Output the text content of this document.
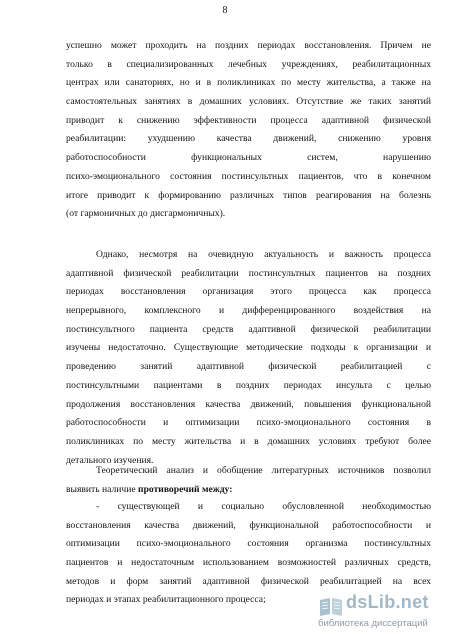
8
успешно может проходить на поздних периодах восстановления. Причем не
только в специализированных лечебных учреждениях, реабилитационных
центрах или санаториях, но и в поликлиниках по месту жительства, а также на
самостоятельных занятиях в домашних условиях. Отсутствие же таких занятий
приводит к снижению эффективности процесса адаптивной физической
реабилитации: ухудшению качества движений, снижению уровня
работоспособности функциональных систем, нарушению
психо-эмоционального состояния постинсультных пациентов, что в конечном
итоге приводит к формированию различных типов реагирования на болезнь
(от гармоничных до дисгармоничных).
Однако, несмотря на очевидную актуальность и важность процесса
адаптивной физической реабилитации постинсультных пациентов на поздних
периодах восстановления организация этого процесса как процесса
непрерывного, комплексного и дифференцированного воздействия на
постинсультного пациента средств адаптивной физической реабилитации
изучены недостаточно. Существующие методические подходы к организации и
проведению занятий адаптивной физической реабилитацией с
постинсультными пациентами в поздних периодах инсульта с целью
продолжения восстановления качества движений, повышения функциональной
работоспособности и оптимизации психо-эмоционального состояния в
поликлиниках по месту жительства и в домашних условиях требуют более
детального изучения.
Теоретический анализ и обобщение литературных источников позволил
выявить наличие противоречий между:
- существующей и социально обусловленной необходимостью
восстановления качества движений, функциональной работоспособности и
оптимизации психо-эмоционального состояния организма постинсультных
пациентов и недостаточным использованием возможностей различных средств,
методов и форм занятий адаптивной физической реабилитацией на всех
периодах и этапах реабилитационного процесса;	dsLib.net
библиотека диссертаций
